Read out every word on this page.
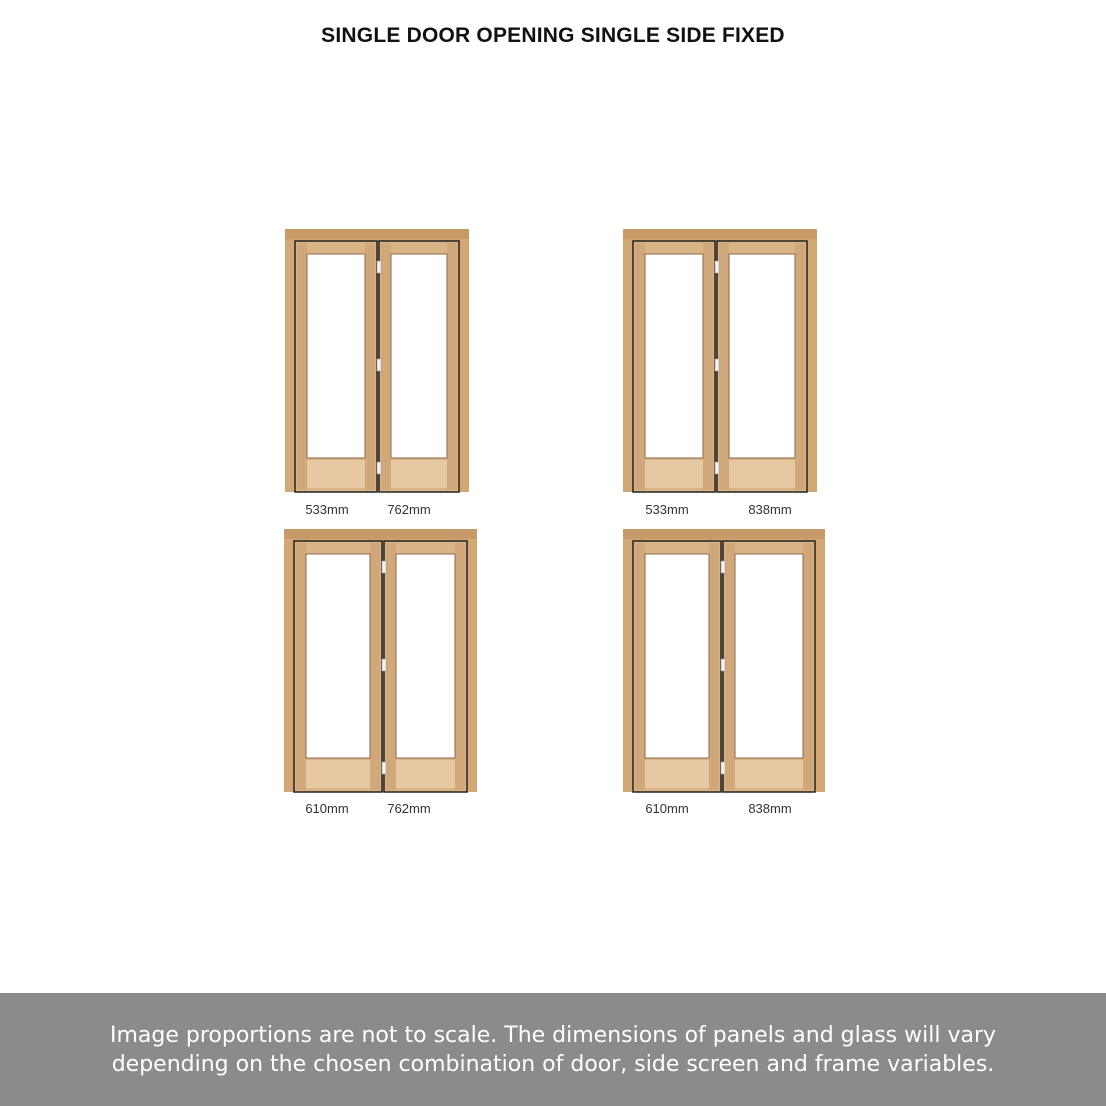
SINGLE DOOR OPENING SINGLE SIDE FIXED
533mm	762mm	533mm	838mm
610mm	762mm	610mm	838mm
Image proportions are not to scale. The dimensions of panels and glass will vary
depending on the chosen combination of door, side screen and frame variables.
